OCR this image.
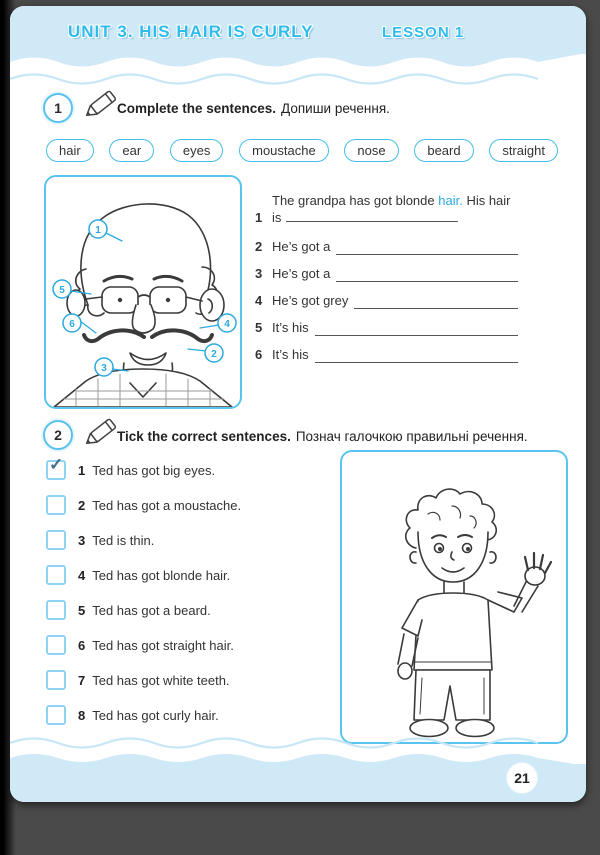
UNIT 3. HIS HAIR IS CURLY	LESSON 1
1	Complete the sentences. Допиши речення.
hair	ear	eyes	moustache	nose	beard	straight
1
2
3
4
5
6
1
The grandpa has got blonde hair. His hair is
2 He’s got a
3 He’s got a
4 He’s got grey
5 It’s his
6 It’s his
2	Tick the correct sentences. Познач галочкою правильні речення.
✓ 1 Ted has got big eyes.
2 Ted has got a moustache.
3 Ted is thin.
4 Ted has got blonde hair.
5 Ted has got a beard.
6 Ted has got straight hair.
7 Ted has got white teeth.
8 Ted has got curly hair.
21
